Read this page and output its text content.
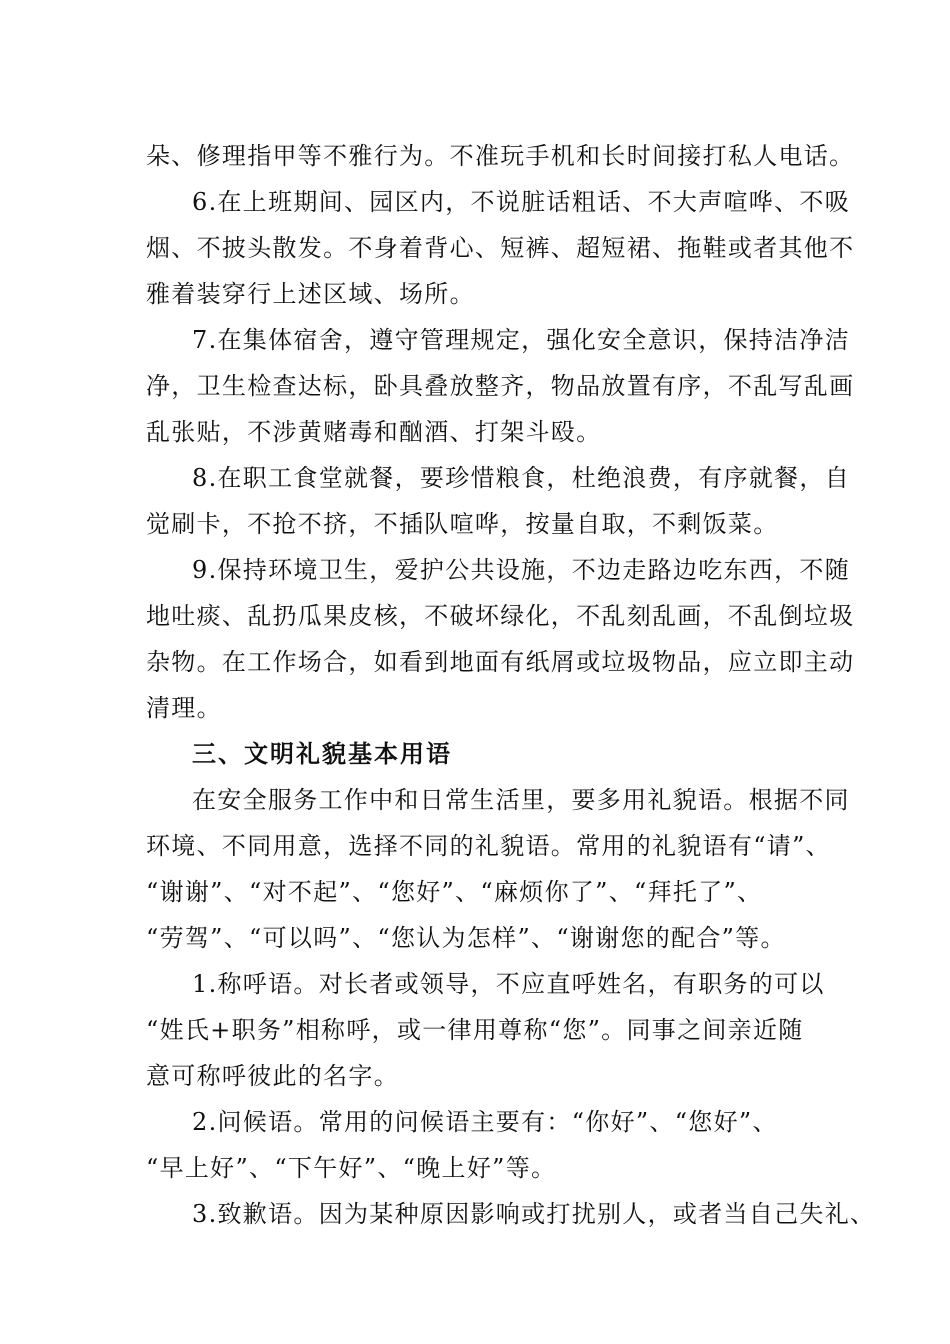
朵、修理指甲等不雅行为。不准玩手机和长时间接打私人电话。
6.在上班期间、园区内，不说脏话粗话、不大声喧哗、不吸
烟、不披头散发。不身着背心、短裤、超短裙、拖鞋或者其他不
雅着装穿行上述区域、场所。
7.在集体宿舍，遵守管理规定，强化安全意识，保持洁净洁
净，卫生检查达标，卧具叠放整齐，物品放置有序，不乱写乱画
乱张贴，不涉黄赌毒和酗酒、打架斗殴。
8.在职工食堂就餐，要珍惜粮食，杜绝浪费，有序就餐，自
觉刷卡，不抢不挤，不插队喧哗，按量自取，不剩饭菜。
9.保持环境卫生，爱护公共设施，不边走路边吃东西，不随
地吐痰、乱扔瓜果皮核，不破坏绿化，不乱刻乱画，不乱倒垃圾
杂物。在工作场合，如看到地面有纸屑或垃圾物品，应立即主动
清理。
三、文明礼貌基本用语
在安全服务工作中和日常生活里，要多用礼貌语。根据不同
环境、不同用意，选择不同的礼貌语。常用的礼貌语有“请”、
“谢谢”、“对不起”、“您好”、“麻烦你了”、“拜托了”、
“劳驾”、“可以吗”、“您认为怎样”、“谢谢您的配合”等。
1.称呼语。对长者或领导，不应直呼姓名，有职务的可以
“姓氏+职务”相称呼，或一律用尊称“您”。同事之间亲近随
意可称呼彼此的名字。
2.问候语。常用的问候语主要有：“你好”、“您好”、
“早上好”、“下午好”、“晚上好”等。
3.致歉语。因为某种原因影响或打扰别人，或者当自己失礼、
